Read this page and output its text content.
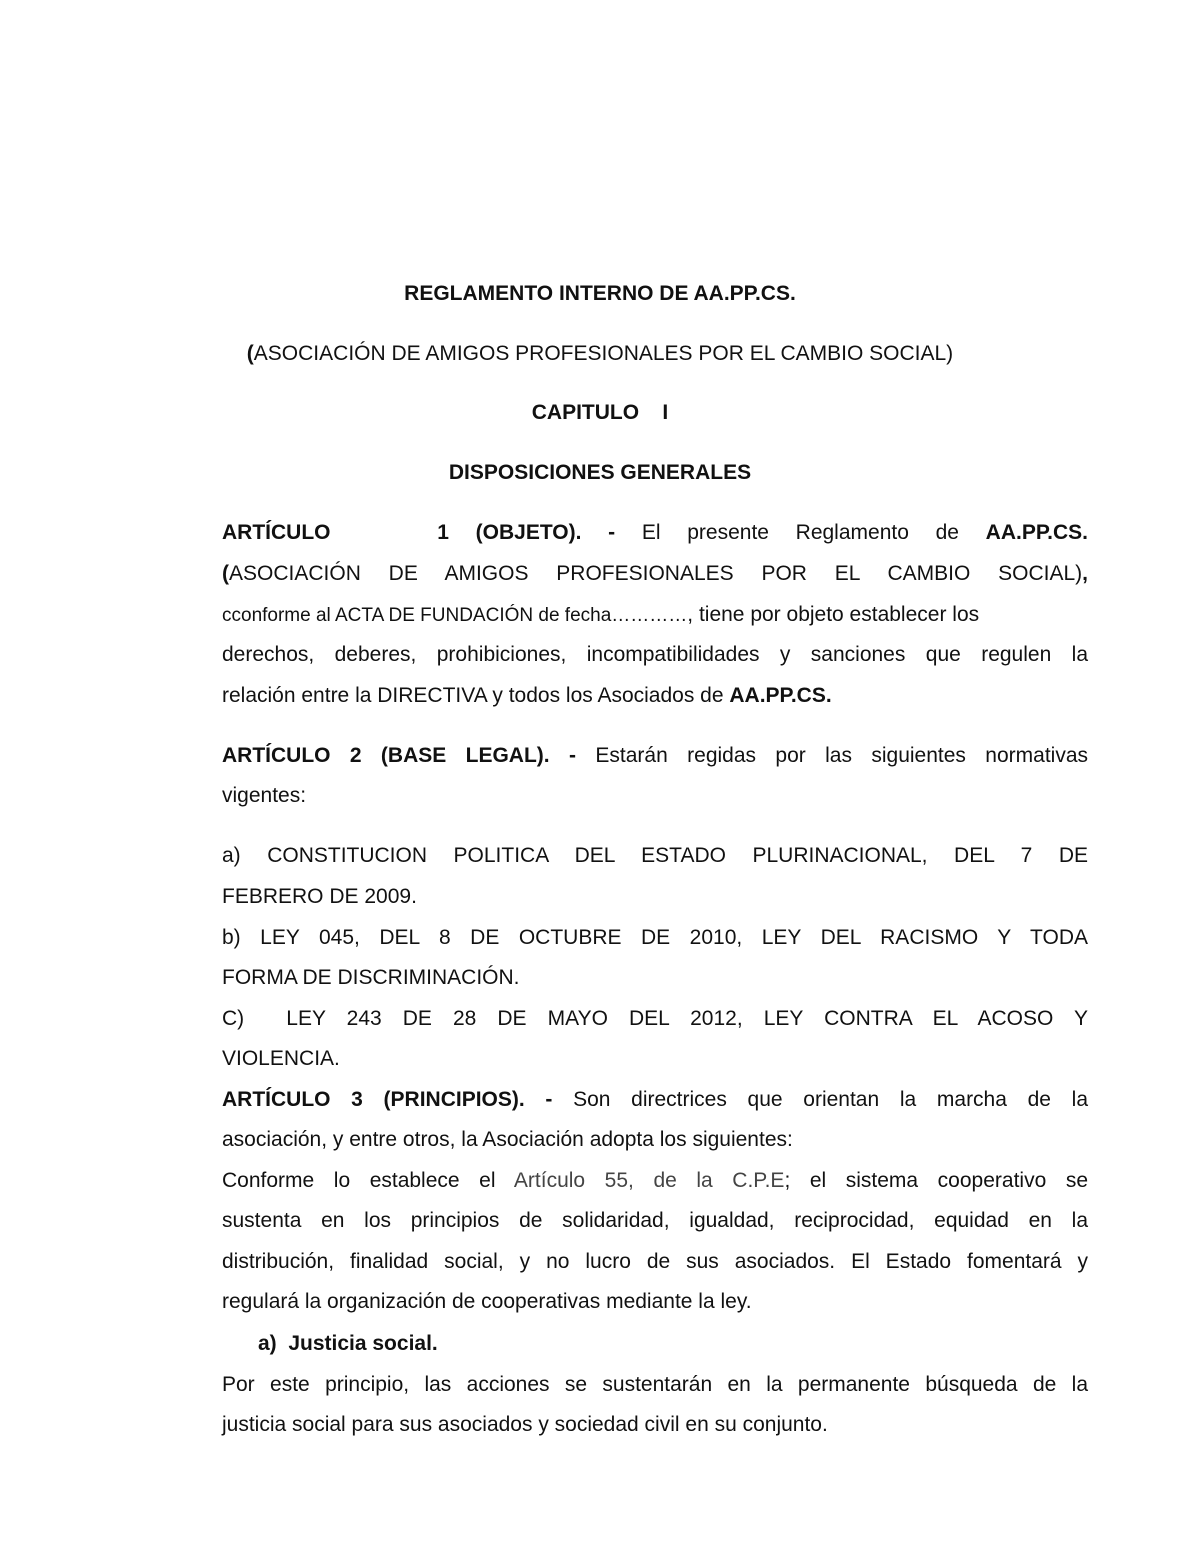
REGLAMENTO INTERNO DE AA.PP.CS.
(ASOCIACIÓN DE AMIGOS PROFESIONALES POR EL CAMBIO SOCIAL)
CAPITULO    I
DISPOSICIONES GENERALES
ARTÍCULO    1 (OBJETO). - El presente Reglamento de AA.PP.CS.
(ASOCIACIÓN DE AMIGOS PROFESIONALES POR EL CAMBIO SOCIAL),
cconforme al ACTA DE FUNDACIÓN de fecha…………, tiene por objeto establecer los
derechos, deberes, prohibiciones, incompatibilidades y sanciones que regulen la
relación entre la DIRECTIVA y todos los Asociados de AA.PP.CS.
ARTÍCULO 2 (BASE LEGAL). - Estarán regidas por las siguientes normativas
vigentes:
a) CONSTITUCION POLITICA DEL ESTADO PLURINACIONAL, DEL 7 DE
FEBRERO DE 2009.
b) LEY 045, DEL 8 DE OCTUBRE DE 2010, LEY DEL RACISMO Y TODA
FORMA DE DISCRIMINACIÓN.
C)  LEY 243 DE 28 DE MAYO DEL 2012, LEY CONTRA EL ACOSO Y
VIOLENCIA.
ARTÍCULO 3 (PRINCIPIOS). - Son directrices que orientan la marcha de la
asociación, y entre otros, la Asociación adopta los siguientes:
Conforme lo establece el Artículo 55, de la C.P.E; el sistema cooperativo se
sustenta en los principios de solidaridad, igualdad, reciprocidad, equidad en la
distribución, finalidad social, y no lucro de sus asociados. El Estado fomentará y
regulará la organización de cooperativas mediante la ley.
a)  Justicia social.
Por este principio, las acciones se sustentarán en la permanente búsqueda de la
justicia social para sus asociados y sociedad civil en su conjunto.
